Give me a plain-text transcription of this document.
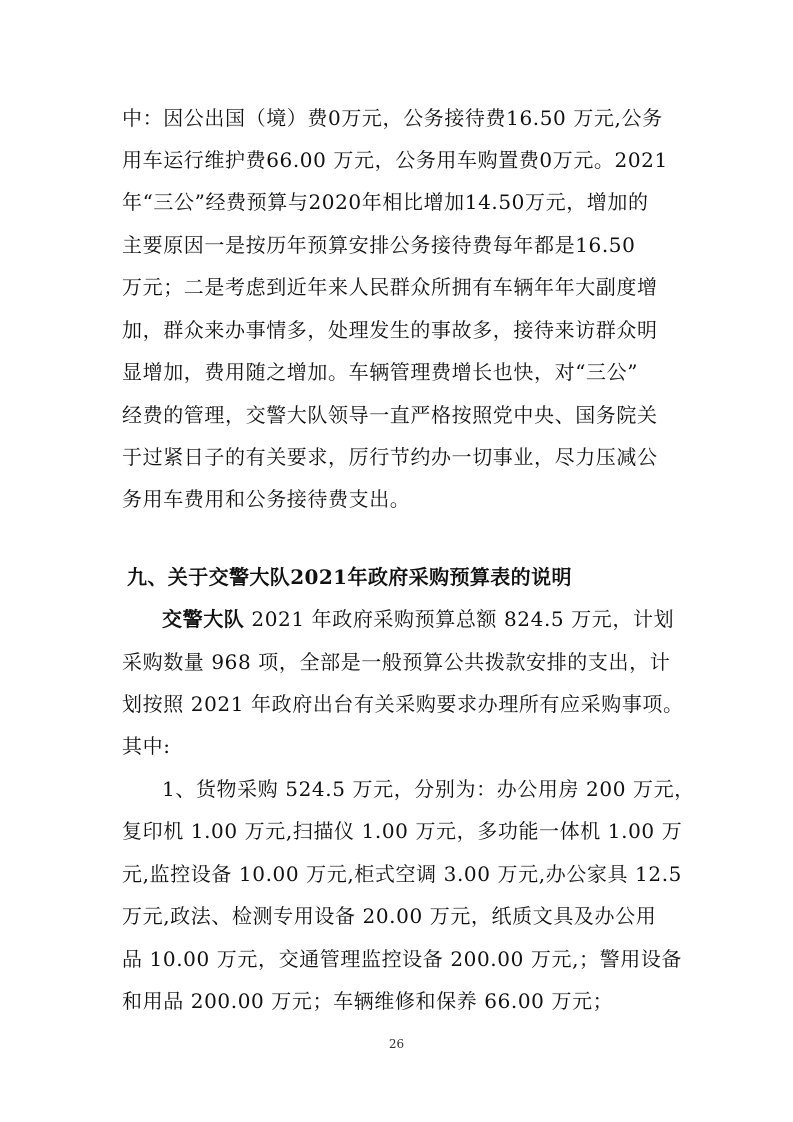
中：因公出国（境）费0万元，公务接待费16.50 万元,公务
用车运行维护费66.00 万元，公务用车购置费0万元。2021
年“三公”经费预算与2020年相比增加14.50万元，增加的
主要原因一是按历年预算安排公务接待费每年都是16.50
万元；二是考虑到近年来人民群众所拥有车辆年年大副度增
加，群众来办事情多，处理发生的事故多，接待来访群众明
显增加，费用随之增加。车辆管理费增长也快，对“三公”
经费的管理，交警大队领导一直严格按照党中央、国务院关
于过紧日子的有关要求，厉行节约办一切事业，尽力压减公
务用车费用和公务接待费支出。
九、关于交警大队2021年政府采购预算表的说明
交警大队 2021 年政府采购预算总额 824.5 万元，计划
采购数量 968 项，全部是一般预算公共拨款安排的支出，计
划按照 2021 年政府出台有关采购要求办理所有应采购事项。
其中:
1、货物采购 524.5 万元，分别为：办公用房 200 万元，
复印机 1.00 万元,扫描仪 1.00 万元，多功能一体机 1.00 万
元,监控设备 10.00 万元,柜式空调 3.00 万元,办公家具 12.5
万元,政法、检测专用设备 20.00 万元，纸质文具及办公用
品 10.00 万元，交通管理监控设备 200.00 万元,；警用设备
和用品 200.00 万元；车辆维修和保养 66.00 万元；
26
